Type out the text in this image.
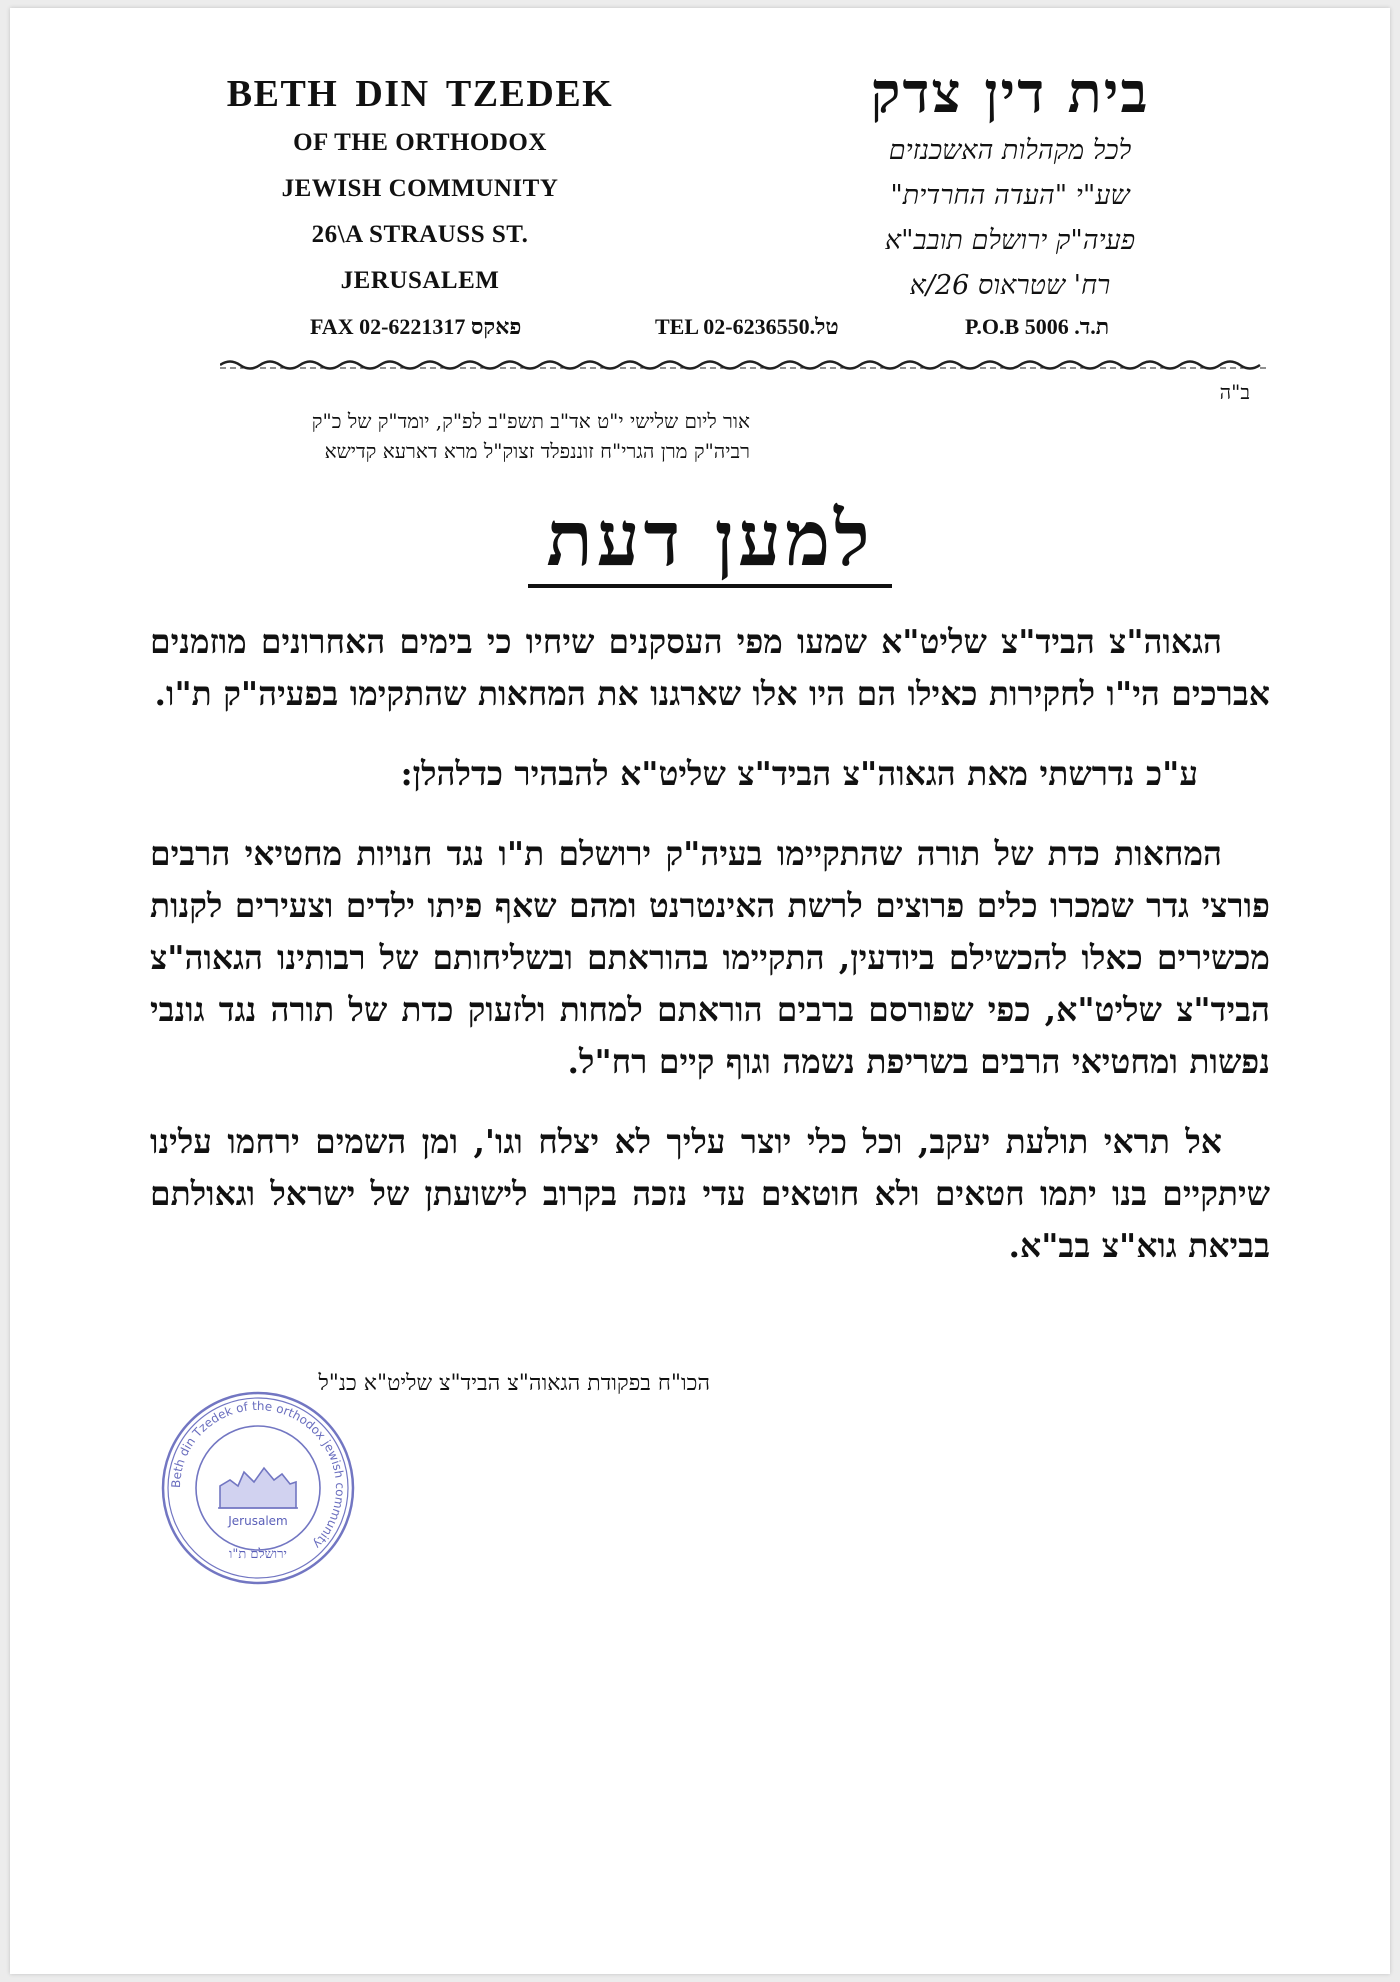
BETH DIN TZEDEK
OF THE ORTHODOX
JEWISH COMMUNITY
26\A STRAUSS ST.
JERUSALEM
בית דין צדק
לכל מקהלות האשכנזים
שע"י "העדה החרדית"
פעיה"ק ירושלם תובב"א
רח' שטראוס 26/א
FAX 02-6221317 פאקס	TEL 02-6236550.טל	P.O.B 5006 .ת.ד
ב"ה
אור ליום שלישי י"ט אד"ב תשפ"ב לפ"ק, יומד"ק של כ"ק
רביה"ק מרן הגרי"ח זוננפלד זצוק"ל מרא דארעא קדישא
למען דעת

הגאוה"צ הביד"צ שליט"א שמעו מפי העסקנים שיחיו כי בימים האחרונים מוזמנים אברכים הי"ו לחקירות כאילו הם היו אלו שארגנו את המחאות שהתקימו בפעיה"ק ת"ו.

ע"כ נדרשתי מאת הגאוה"צ הביד"צ שליט"א להבהיר כדלהלן:

המחאות כדת של תורה שהתקיימו בעיה"ק ירושלם ת"ו נגד חנויות מחטיאי הרבים פורצי גדר שמכרו כלים פרוצים לרשת האינטרנט ומהם שאף פיתו ילדים וצעירים לקנות מכשירים כאלו להכשילם ביודעין, התקיימו בהוראתם ובשליחותם של רבותינו הגאוה"צ הביד"צ שליט"א, כפי שפורסם ברבים הוראתם למחות ולזעוק כדת של תורה נגד גונבי נפשות ומחטיאי הרבים בשריפת נשמה וגוף קיים רח"ל.

אל תראי תולעת יעקב, וכל כלי יוצר עליך לא יצלח וגו', ומן השמים ירחמו עלינו שיתקיים בנו יתמו חטאים ולא חוטאים עדי נזכה בקרוב לישועתן של ישראל וגאולתם בביאת גוא"צ בב"א.

הכו"ח בפקודת הגאוה"צ הביד"צ שליט"א כנ"ל
Beth din Tzedek of the orthodox jewish community
Jerusalem
ירושלם ת"ו
